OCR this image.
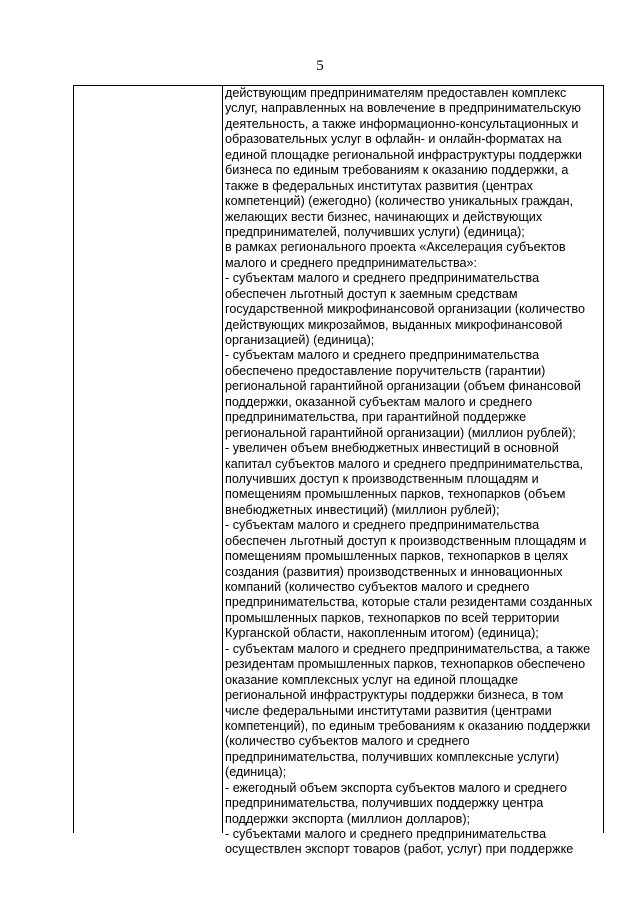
5
действующим предпринимателям предоставлен комплекс
услуг, направленных на вовлечение в предпринимательскую
деятельность, а также информационно-консультационных и
образовательных услуг в офлайн- и онлайн-форматах на
единой площадке региональной инфраструктуры поддержки
бизнеса по единым требованиям к оказанию поддержки, а
также в федеральных институтах развития (центрах
компетенций) (ежегодно) (количество уникальных граждан,
желающих вести бизнес, начинающих и действующих
предпринимателей, получивших услуги) (единица);
в рамках регионального проекта «Акселерация субъектов
малого и среднего предпринимательства»:
- субъектам малого и среднего предпринимательства
обеспечен льготный доступ к заемным средствам
государственной микрофинансовой организации (количество
действующих микрозаймов, выданных микрофинансовой
организацией) (единица);
- субъектам малого и среднего предпринимательства
обеспечено предоставление поручительств (гарантии)
региональной гарантийной организации (объем финансовой
поддержки, оказанной субъектам малого и среднего
предпринимательства, при гарантийной поддержке
региональной гарантийной организации) (миллион рублей);
- увеличен объем внебюджетных инвестиций в основной
капитал субъектов малого и среднего предпринимательства,
получивших доступ к производственным площадям и
помещениям промышленных парков, технопарков (объем
внебюджетных инвестиций) (миллион рублей);
- субъектам малого и среднего предпринимательства
обеспечен льготный доступ к производственным площадям и
помещениям промышленных парков, технопарков в целях
создания (развития) производственных и инновационных
компаний (количество субъектов малого и среднего
предпринимательства, которые стали резидентами созданных
промышленных парков, технопарков по всей территории
Курганской области, накопленным итогом) (единица);
- субъектам малого и среднего предпринимательства, а также
резидентам промышленных парков, технопарков обеспечено
оказание комплексных услуг на единой площадке
региональной инфраструктуры поддержки бизнеса, в том
числе федеральными институтами развития (центрами
компетенций), по единым требованиям к оказанию поддержки
(количество субъектов малого и среднего
предпринимательства, получивших комплексные услуги)
(единица);
- ежегодный объем экспорта субъектов малого и среднего
предпринимательства, получивших поддержку центра
поддержки экспорта (миллион долларов);
- субъектами малого и среднего предпринимательства
осуществлен экспорт товаров (работ, услуг) при поддержке
